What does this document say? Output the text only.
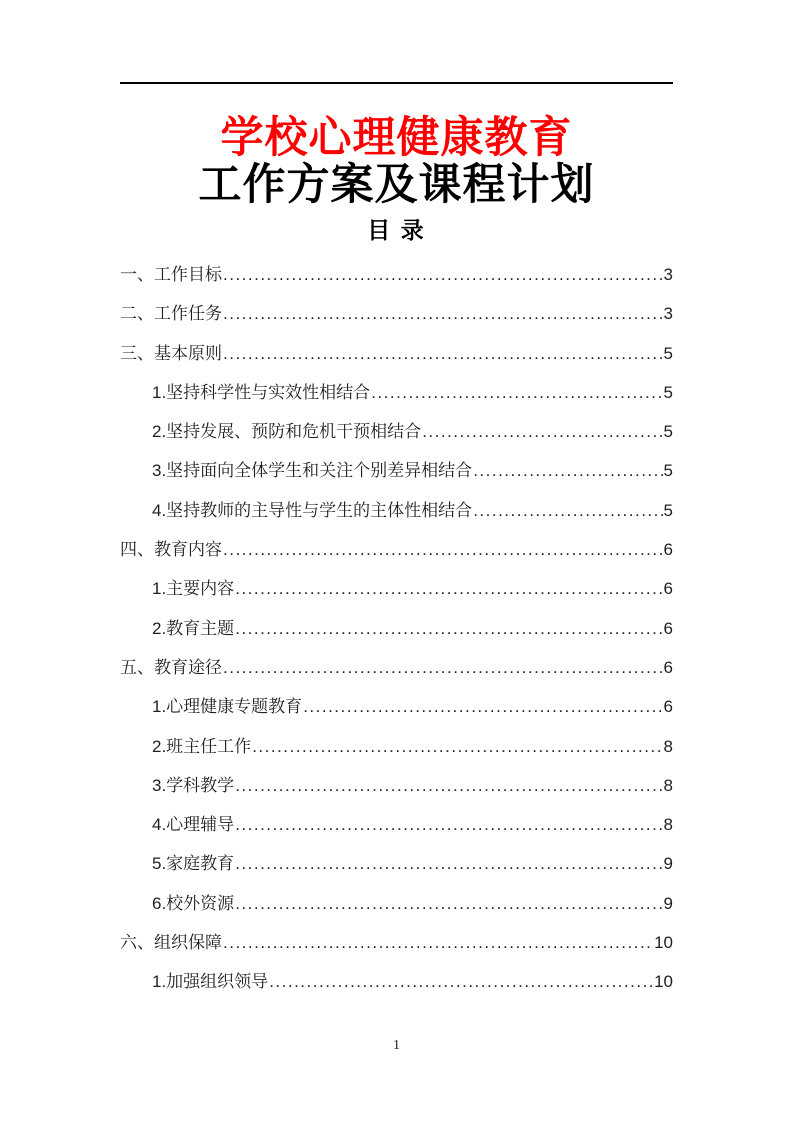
学校心理健康教育
工作方案及课程计划
目 录
一、工作目标 .....	3
二、工作任务 .....	3
三、基本原则 .....	5
1.坚持科学性与实效性相结合 .....	5
2.坚持发展、预防和危机干预相结合 .....	5
3.坚持面向全体学生和关注个别差异相结合 .....	5
4.坚持教师的主导性与学生的主体性相结合 .....	5
四、教育内容 .....	6
1.主要内容 .....	6
2.教育主题 .....	6
五、教育途径 .....	6
1.心理健康专题教育 .....	6
2.班主任工作 .....	8
3.学科教学 .....	8
4.心理辅导 .....	8
5.家庭教育 .....	9
6.校外资源 .....	9
六、组织保障 .....	10
1.加强组织领导 .....	10
1
